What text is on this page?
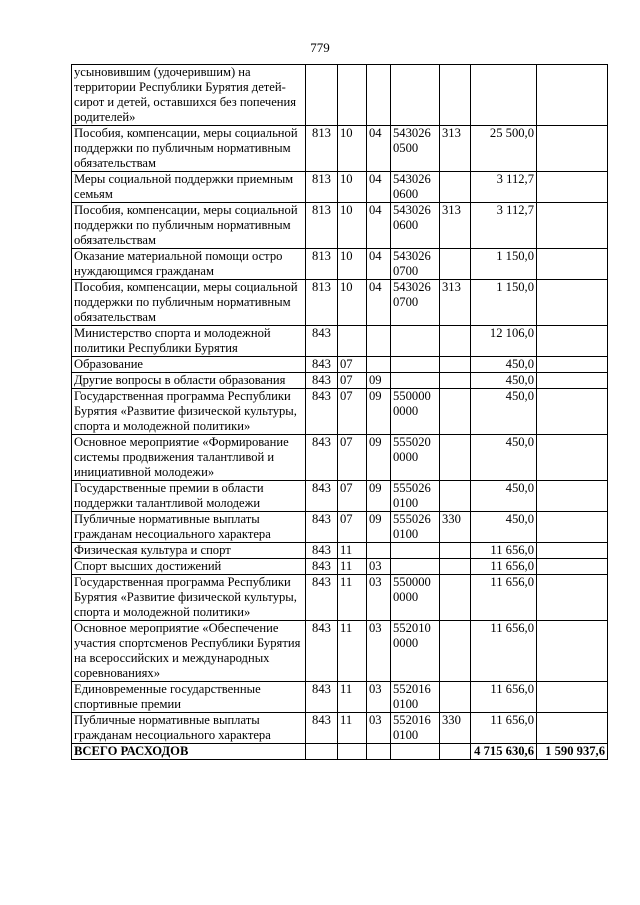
779
усыновившим (удочерившим) на территории Республики Бурятия детей-сирот и детей, оставшихся без попечения родителей»							
Пособия, компенсации, меры социальной поддержки по публичным нормативным обязательствам	813	10	04	5430260500	313	25 500,0	
Меры социальной поддержки приемным семьям	813	10	04	5430260600		3 112,7	
Пособия, компенсации, меры социальной поддержки по публичным нормативным обязательствам	813	10	04	5430260600	313	3 112,7	
Оказание материальной помощи остро нуждающимся гражданам	813	10	04	5430260700		1 150,0	
Пособия, компенсации, меры социальной поддержки по публичным нормативным обязательствам	813	10	04	5430260700	313	1 150,0	
Министерство спорта и молодежной политики Республики Бурятия	843					12 106,0	
Образование	843	07				450,0	
Другие вопросы в области образования	843	07	09			450,0	
Государственная программа Республики Бурятия «Развитие физической культуры, спорта и молодежной политики»	843	07	09	5500000000		450,0	
Основное мероприятие «Формирование системы продвижения талантливой и инициативной молодежи»	843	07	09	5550200000		450,0	
Государственные премии в области поддержки талантливой молодежи	843	07	09	5550260100		450,0	
Публичные нормативные выплаты гражданам несоциального характера	843	07	09	5550260100	330	450,0	
Физическая культура и спорт	843	11				11 656,0	
Спорт высших достижений	843	11	03			11 656,0	
Государственная программа Республики Бурятия «Развитие физической культуры, спорта и молодежной политики»	843	11	03	5500000000		11 656,0	
Основное мероприятие «Обеспечение участия спортсменов Республики Бурятия на всероссийских и международных соревнованиях»	843	11	03	5520100000		11 656,0	
Единовременные государственные спортивные премии	843	11	03	5520160100		11 656,0	
Публичные нормативные выплаты гражданам несоциального характера	843	11	03	5520160100	330	11 656,0	
ВСЕГО РАСХОДОВ						4 715 630,6	1 590 937,6
